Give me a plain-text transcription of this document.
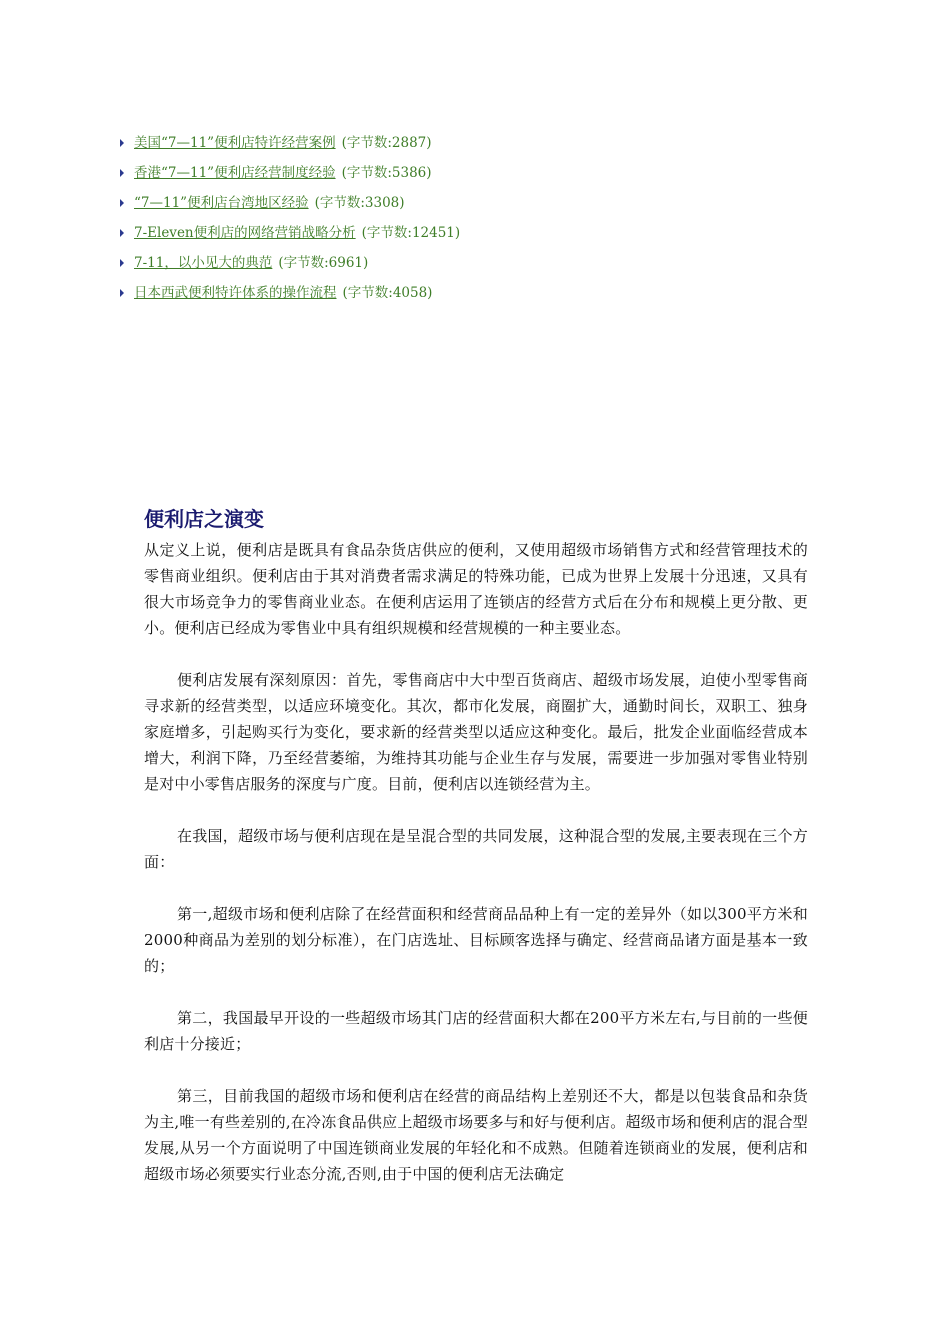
美国“7—11”便利店特许经营案例 (字节数:2887)
香港“7—11”便利店经营制度经验 (字节数:5386)
“7—11”便利店台湾地区经验 (字节数:3308)
7-Eleven便利店的网络营销战略分析 (字节数:12451)
7-11，以小见大的典范 (字节数:6961)
日本西武便利特许体系的操作流程 (字节数:4058)
便利店之演变

从定义上说，便利店是既具有食品杂货店供应的便利，又使用超级市场销售方式和经营管理技术的零售商业组织。便利店由于其对消费者需求满足的特殊功能，已成为世界上发展十分迅速，又具有很大市场竞争力的零售商业业态。在便利店运用了连锁店的经营方式后在分布和规模上更分散、更小。便利店已经成为零售业中具有组织规模和经营规模的一种主要业态。

便利店发展有深刻原因：首先，零售商店中大中型百货商店、超级市场发展，迫使小型零售商寻求新的经营类型，以适应环境变化。其次，都市化发展，商圈扩大，通勤时间长，双职工、独身家庭增多，引起购买行为变化，要求新的经营类型以适应这种变化。最后，批发企业面临经营成本增大，利润下降，乃至经营萎缩，为维持其功能与企业生存与发展，需要进一步加强对零售业特别是对中小零售店服务的深度与广度。目前，便利店以连锁经营为主。

在我国，超级市场与便利店现在是呈混合型的共同发展，这种混合型的发展,主要表现在三个方面：

第一,超级市场和便利店除了在经营面积和经营商品品种上有一定的差异外（如以300平方米和2000种商品为差别的划分标准），在门店选址、目标顾客选择与确定、经营商品诸方面是基本一致的；

第二，我国最早开设的一些超级市场其门店的经营面积大都在200平方米左右,与目前的一些便利店十分接近；

第三，目前我国的超级市场和便利店在经营的商品结构上差别还不大，都是以包装食品和杂货为主,唯一有些差别的,在冷冻食品供应上超级市场要多与和好与便利店。超级市场和便利店的混合型发展,从另一个方面说明了中国连锁商业发展的年轻化和不成熟。但随着连锁商业的发展，便利店和超级市场必须要实行业态分流,否则,由于中国的便利店无法确定
